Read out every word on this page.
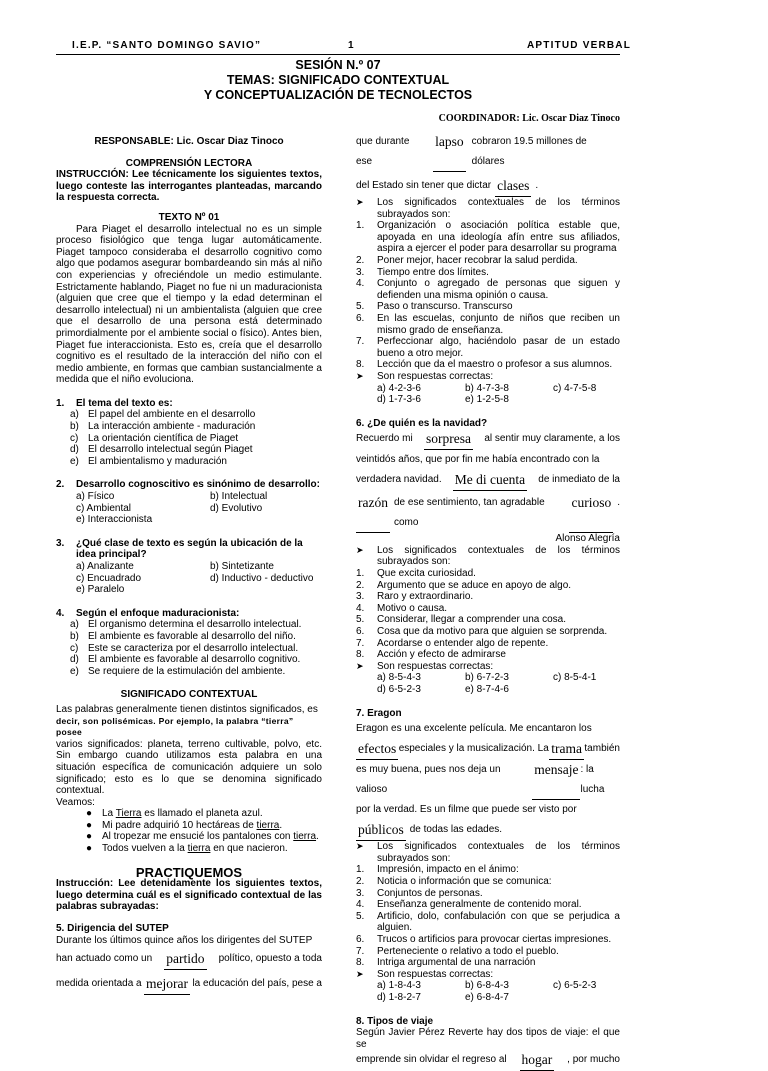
I.E.P. “SANTO DOMINGO SAVIO”	1	APTITUD VERBAL
SESIÓN N.º 07
TEMAS: SIGNIFICADO CONTEXTUAL
Y CONCEPTUALIZACIÓN DE TECNOLECTOS
COORDINADOR: Lic. Oscar Diaz Tinoco
RESPONSABLE: Lic. Oscar Diaz Tinoco
COMPRENSIÓN LECTORA
INSTRUCCIÓN: Lee técnicamente los siguientes textos, luego conteste las interrogantes planteadas, marcando la respuesta correcta.
TEXTO Nº 01
Para Piaget el desarrollo intelectual no es un simple proceso fisiológico que tenga lugar automáticamente. Piaget tampoco consideraba el desarrollo cognitivo como algo que podamos asegurar bombardeando sin más al niño con experiencias y ofreciéndole un medio estimulante. Estrictamente hablando, Piaget no fue ni un maduracionista (alguien que cree que el tiempo y la edad determinan el desarrollo intelectual) ni un ambientalista (alguien que cree que el desarrollo de una persona está determinado primordialmente por el ambiente social o físico). Antes bien, Piaget fue interaccionista. Esto es, creía que el desarrollo cognitivo es el resultado de la interacción del niño con el medio ambiente, en formas que cambian sustancialmente a medida que el niño evoluciona.
1.	El tema del texto es:
a) El papel del ambiente en el desarrollo
b) La interacción ambiente - maduración
c) La orientación científica de Piaget
d) El desarrollo intelectual según Piaget
e) El ambientalismo y maduración
2.	Desarrollo cognoscitivo es sinónimo de desarrollo:
a) Físico	b) Intelectual
c) Ambiental	d) Evolutivo
e) Interaccionista
3.	¿Qué clase de texto es según la ubicación de la idea principal?
a) Analizante	b) Sintetizante
c) Encuadrado	d) Inductivo - deductivo
e) Paralelo
4.	Según el enfoque maduracionista:
a) El organismo determina el desarrollo intelectual.
b) El ambiente es favorable al desarrollo del niño.
c) Este se caracteriza por el desarrollo intelectual.
d) El ambiente es favorable al desarrollo cognitivo.
e) Se requiere de la estimulación del ambiente.
SIGNIFICADO CONTEXTUAL
Las palabras generalmente tienen distintos significados, es
decir, son polisémicas. Por ejemplo, la palabra “tierra” posee
varios significados: planeta, terreno cultivable, polvo, etc. Sin embargo cuando utilizamos esta palabra en una situación específica de comunicación adquiere un solo significado; esto es lo que se denomina significado contextual.
Veamos:
● La Tierra es llamado el planeta azul.
● Mi padre adquirió 10 hectáreas de tierra.
● Al tropezar me ensucié los pantalones con tierra.
● Todos vuelven a la tierra en que nacieron.
PRACTIQUEMOS
Instrucción: Lee detenidamente los siguientes textos, luego determina cuál es el significado contextual de las palabras subrayadas:
5. Dirigencia del SUTEP
Durante los últimos quince años los dirigentes del SUTEP
han actuado como un partido político, opuesto a toda
medida orientada a mejorar la educación del país, pese a
que durante ese
lapso cobraron 19.5 millones de dólares
del Estado sin tener que dictar clases .
➤	Los significados contextuales de los términos subrayados son:
1.	Organización o asociación política estable que, apoyada en una ideología afín entre sus afiliados, aspira a ejercer el poder para desarrollar su programa
2.	Poner mejor, hacer recobrar la salud perdida.
3.	Tiempo entre dos límites.
4.	Conjunto o agregado de personas que siguen y defienden una misma opinión o causa.
5.	Paso o transcurso. Transcurso
6.	En las escuelas, conjunto de niños que reciben un mismo grado de enseñanza.
7.	Perfeccionar algo, haciéndolo pasar de un estado bueno a otro mejor.
8.	Lección que da el maestro o profesor a sus alumnos.
➤	Son respuestas correctas:
a) 4-2-3-6	b) 4-7-3-8	c) 4-7-5-8
d) 1-7-3-6	e) 1-2-5-8
6. ¿De quién es la navidad?
Recuerdo mi sorpresa al sentir muy claramente, a los
veintidós años, que por fin me había encontrado con la
verdadera navidad. Me di cuenta de inmediato de la
razón de ese sentimiento, tan agradable como
curioso .
Alonso Alegría
➤	Los significados contextuales de los términos subrayados son:
1.	Que excita curiosidad.
2.	Argumento que se aduce en apoyo de algo.
3.	Raro y extraordinario.
4.	Motivo o causa.
5.	Considerar, llegar a comprender una cosa.
6.	Cosa que da motivo para que alguien se sorprenda.
7.	Acordarse o entender algo de repente.
8.	Acción y efecto de admirarse
➤	Son respuestas correctas:
a) 8-5-4-3	b) 6-7-2-3	c) 8-5-4-1
d) 6-5-2-3	e) 8-7-4-6
7. Eragon
Eragon es una excelente película. Me encantaron los
efectos especiales y la musicalización. La trama también
es muy buena, pues nos deja un valioso
mensaje : la lucha
por la verdad. Es un filme que puede ser visto por
públicos de todas las edades.
➤	Los significados contextuales de los términos subrayados son:
1.	Impresión, impacto en el ánimo:
2.	Noticia o información que se comunica:
3.	Conjuntos de personas.
4.	Enseñanza generalmente de contenido moral.
5.	Artificio, dolo, confabulación con que se perjudica a alguien.
6.	Trucos o artificios para provocar ciertas impresiones.
7.	Perteneciente o relativo a todo el pueblo.
8.	Intriga argumental de una narración
➤	Son respuestas correctas:
a) 1-8-4-3	b) 6-8-4-3	c) 6-5-2-3
d) 1-8-2-7	e) 6-8-4-7
8. Tipos de viaje
Según Javier Pérez Reverte hay dos tipos de viaje: el que se
emprende sin olvidar el regreso al hogar , por mucho
